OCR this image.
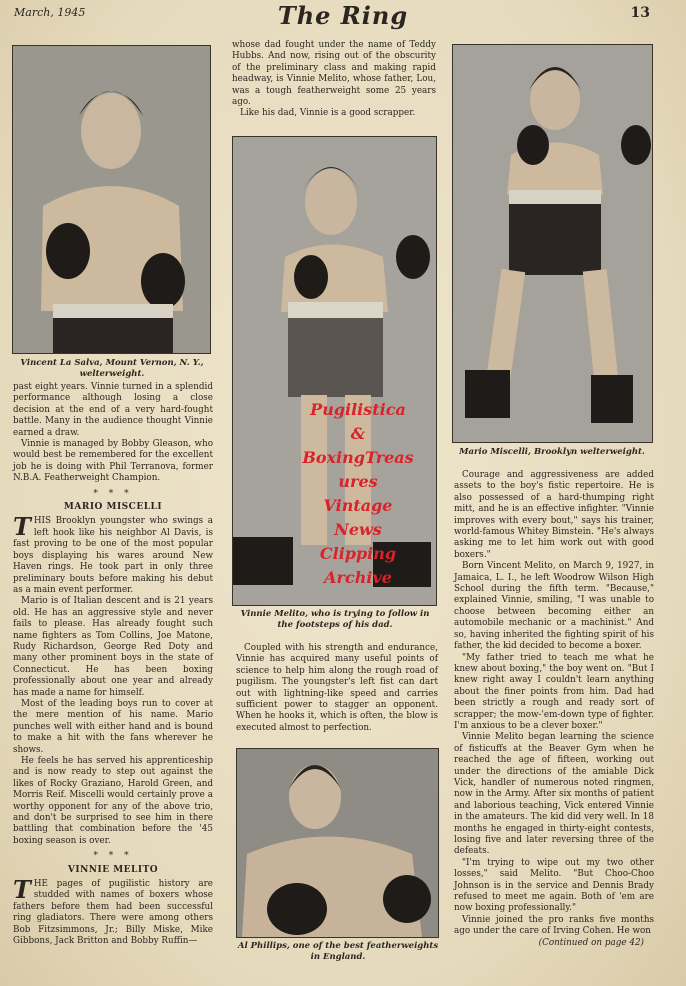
March, 1945	The Ring	13
Vincent La Salva, Mount Vernon, N. Y., welterweight.
Vinnie Melito, who is trying to follow in the footsteps of his dad.
Mario Miscelli, Brooklyn welterweight.
Al Phillips, one of the best featherweights in England.

past eight years. Vinnie turned in a splendid performance although losing a close decision at the end of a very hard-fought battle. Many in the audience thought Vinnie earned a draw.

Vinnie is managed by Bobby Gleason, who would best be remembered for the excellent job he is doing with Phil Terranova, former N.B.A. Featherweight Champion.

* * *
MARIO MISCELLI

THIS Brooklyn youngster who swings a left hook like his neighbor Al Davis, is fast proving to be one of the most popular boys displaying his wares around New Haven rings. He took part in only three preliminary bouts before making his debut as a main event performer.

Mario is of Italian descent and is 21 years old. He has an aggressive style and never fails to please. Has already fought such name fighters as Tom Collins, Joe Matone, Rudy Richardson, George Red Doty and many other prominent boys in the state of Connecticut. He has been boxing professionally about one year and already has made a name for himself.

Most of the leading boys run to cover at the mere mention of his name. Mario punches well with either hand and is bound to make a hit with the fans wherever he shows.

He feels he has served his apprenticeship and is now ready to step out against the likes of Rocky Graziano, Harold Green, and Morris Reif. Miscelli would certainly prove a worthy opponent for any of the above trio, and don't be surprised to see him in there battling that combination before the '45 boxing season is over.

* * *
VINNIE MELITO

THE pages of pugilistic history are studded with names of boxers whose fathers before them had been successful ring gladiators. There were among others Bob Fitzsimmons, Jr.; Billy Miske, Mike Gibbons, Jack Britton and Bobby Ruffin—

whose dad fought under the name of Teddy Hubbs. And now, rising out of the obscurity of the preliminary class and making rapid headway, is Vinnie Melito, whose father, Lou, was a tough featherweight some 25 years ago.

Like his dad, Vinnie is a good scrapper.

Coupled with his strength and endurance, Vinnie has acquired many useful points of science to help him along the rough road of pugilism. The youngster's left fist can dart out with lightning-like speed and carries sufficient power to stagger an opponent. When he hooks it, which is often, the blow is executed almost to perfection.

Courage and aggressiveness are added assets to the boy's fistic repertoire. He is also possessed of a hard-thumping right mitt, and he is an effective infighter. "Vinnie improves with every bout," says his trainer, world-famous Whitey Bimstein. "He's always asking me to let him work out with good boxers."

Born Vincent Melito, on March 9, 1927, in Jamaica, L. I., he left Woodrow Wilson High School during the fifth term. "Because," explained Vinnie, smiling, "I was unable to choose between becoming either an automobile mechanic or a machinist." And so, having inherited the fighting spirit of his father, the kid decided to become a boxer.

"My father tried to teach me what he knew about boxing," the boy went on. "But I knew right away I couldn't learn anything about the finer points from him. Dad had been strictly a rough and ready sort of scrapper; the mow-'em-down type of fighter. I'm anxious to be a clever boxer."

Vinnie Melito began learning the science of fisticuffs at the Beaver Gym when he reached the age of fifteen, working out under the directions of the amiable Dick Vick, handler of numerous noted ringmen, now in the Army. After six months of patient and laborious teaching, Vick entered Vinnie in the amateurs. The kid did very well. In 18 months he engaged in thirty-eight contests, losing five and later reversing three of the defeats.

"I'm trying to wipe out my two other losses," said Melito. "But Choo-Choo Johnson is in the service and Dennis Brady refused to meet me again. Both of 'em are now boxing professionally."

Vinnie joined the pro ranks five months ago under the care of Irving Cohen. He won

(Continued on page 42)
Pugilistica
&
BoxingTreas
ures
Vintage
News
Clipping
Archive
